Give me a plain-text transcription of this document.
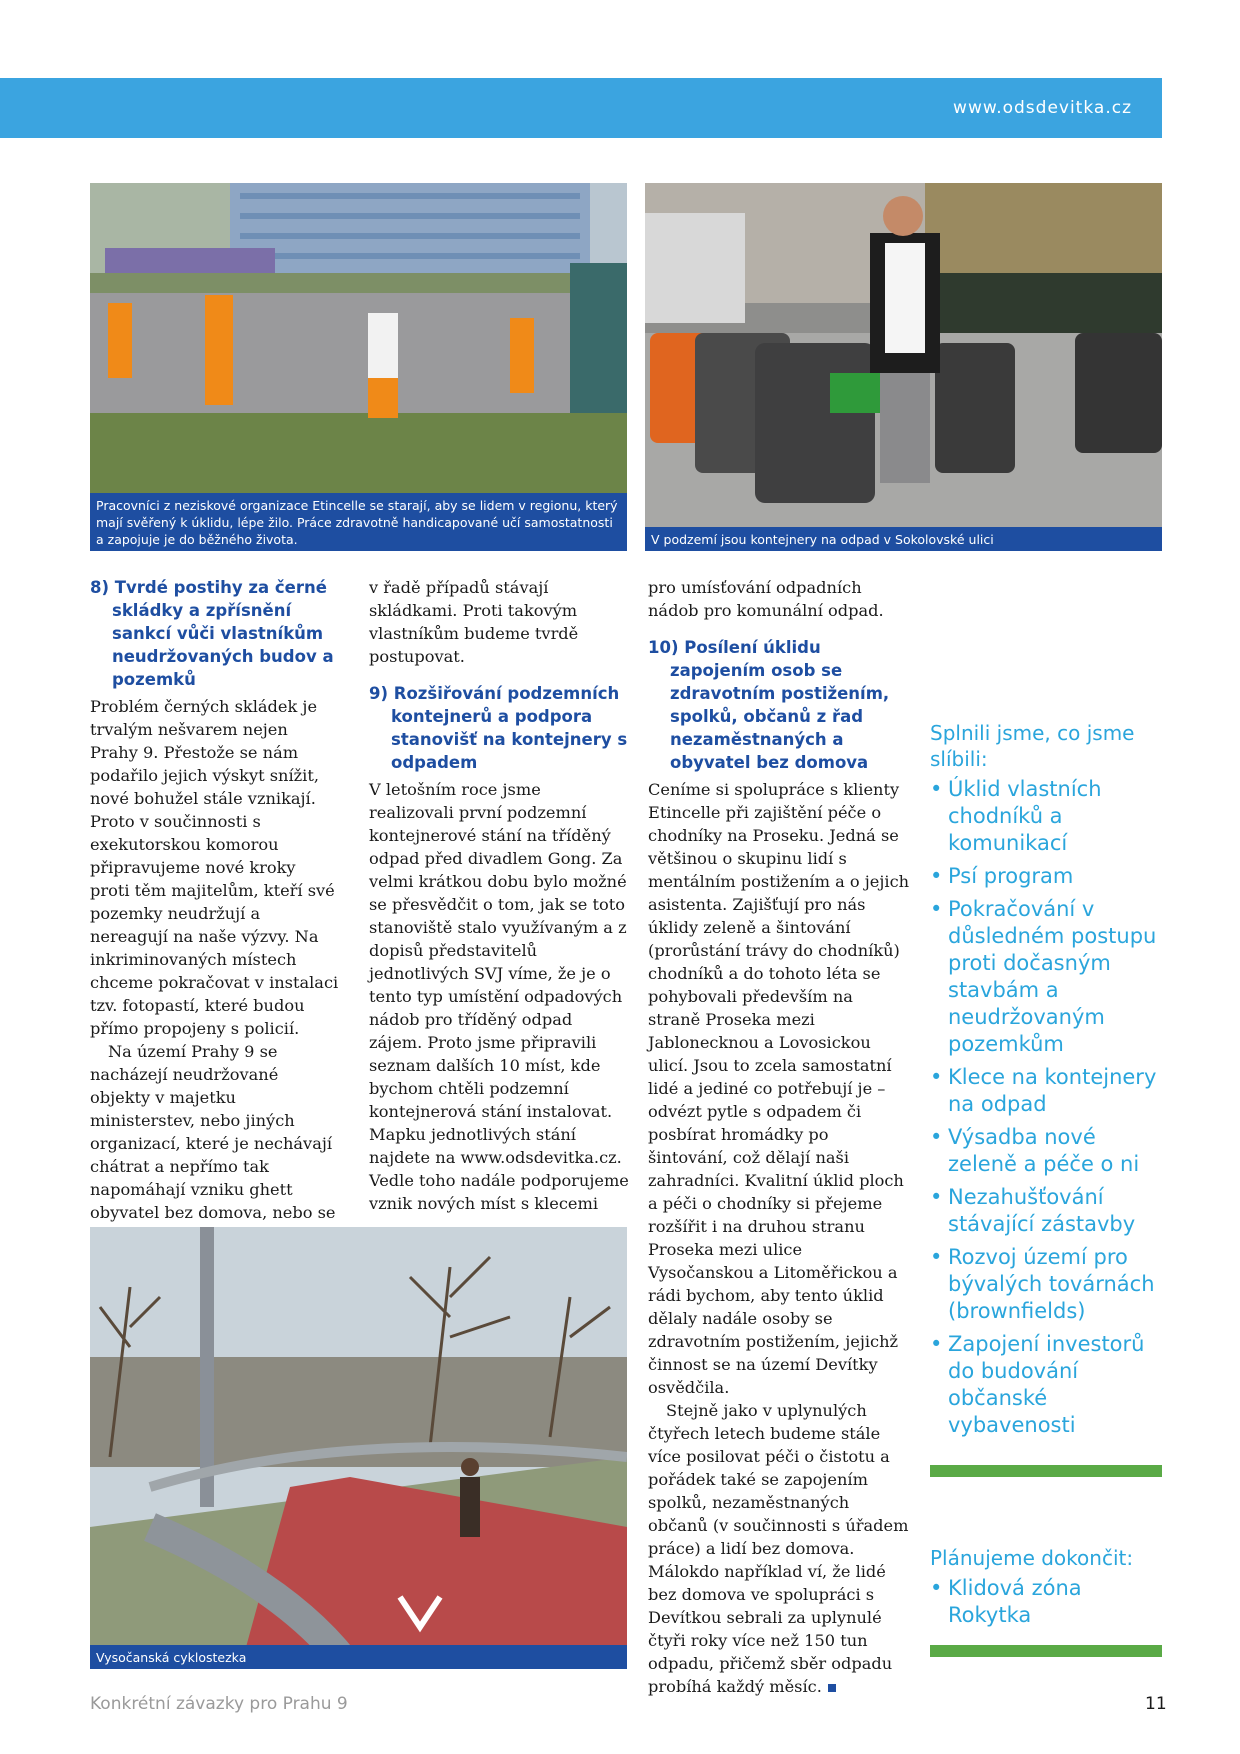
www.odsdevitka.cz
Pracovníci z neziskové organizace Etincelle se starají, aby se lidem v regionu, který mají svěřený k úklidu, lépe žilo. Práce zdravotně handicapované učí samostatnosti a zapojuje je do běžného života.	V podzemí jsou kontejnery na odpad v Sokolovské ulici
Vysočanská cyklostezka
8) Tvrdé postihy za černé skládky a zpřísnění sankcí vůči vlastníkům neudržovaných budov a pozemků

Problém černých skládek je trvalým nešvarem nejen Prahy 9. Přestože se nám podařilo jejich výskyt snížit, nové bohužel stále vznikají. Proto v součinnosti s exekutorskou komorou připravujeme nové kroky proti těm majitelům, kteří své pozemky neudržují a nereagují na naše výzvy. Na inkriminovaných místech chceme pokračovat v instalaci tzv. fotopastí, které budou přímo propojeny s policií.

Na území Prahy 9 se nacházejí neudržované objekty v majetku ministerstev, nebo jiných organizací, které je nechávají chátrat a nepřímo tak napomáhají vzniku ghett obyvatel bez domova, nebo se

v řadě případů stávají skládkami. Proti takovým vlastníkům budeme tvrdě postupovat.

9) Rozšiřování podzemních kontejnerů a podpora stanovišť na kontejnery s odpadem

V letošním roce jsme realizovali první podzemní kontejnerové stání na tříděný odpad před divadlem Gong. Za velmi krátkou dobu bylo možné se přesvědčit o tom, jak se toto stanoviště stalo využívaným a z dopisů představitelů jednotlivých SVJ víme, že je o tento typ umístění odpadových nádob pro tříděný odpad zájem. Proto jsme připravili seznam dalších 10 míst, kde bychom chtěli podzemní kontejnerová stání instalovat. Mapku jednotlivých stání najdete na www.odsdevitka.cz. Vedle toho nadále podporujeme vznik nových míst s klecemi

pro umísťování odpadních nádob pro komunální odpad.

10) Posílení úklidu zapojením osob se zdravotním postižením, spolků, občanů z řad nezaměstnaných a obyvatel bez domova

Ceníme si spolupráce s klienty Etincelle při zajištění péče o chodníky na Proseku. Jedná se většinou o skupinu lidí s mentálním postižením a o jejich asistenta. Zajišťují pro nás úklidy zeleně a šintování (prorůstání trávy do chodníků) chodníků a do tohoto léta se pohybovali především na straně Proseka mezi Jablonecknou a Lovosickou ulicí. Jsou to zcela samostatní lidé a jediné co potřebují je – odvézt pytle s odpadem či posbírat hromádky po šintování, což dělají naši zahradníci. Kvalitní úklid ploch a péči o chodníky si přejeme rozšířit i na druhou stranu Proseka mezi ulice Vysočanskou a Litoměřickou a rádi bychom, aby tento úklid dělaly nadále osoby se zdravotním postižením, jejichž činnost se na území Devítky osvědčila.

Stejně jako v uplynulých čtyřech letech budeme stále více posilovat péči o čistotu a pořádek také se zapojením spolků, nezaměstnaných občanů (v součinnosti s úřadem práce) a lidí bez domova. Málokdo například ví, že lidé bez domova ve spolupráci s Devítkou sebrali za uplynulé čtyři roky více než 150 tun odpadu, přičemž sběr odpadu probíhá každý měsíc.

Splnili jsme, co jsme slíbili:
• Úklid vlastních chodníků a komunikací
• Psí program
• Pokračování v důsledném postupu proti dočasným stavbám a neudržovaným pozemkům
• Klece na kontejnery na odpad
• Výsadba nové zeleně a péče o ni
• Nezahušťování stávající zástavby
• Rozvoj území pro bývalých továrnách (brownfields)
• Zapojení investorů do budování občanské vybavenosti
Plánujeme dokončit:
• Klidová zóna Rokytka
Konkrétní závazky pro Prahu 9	11
